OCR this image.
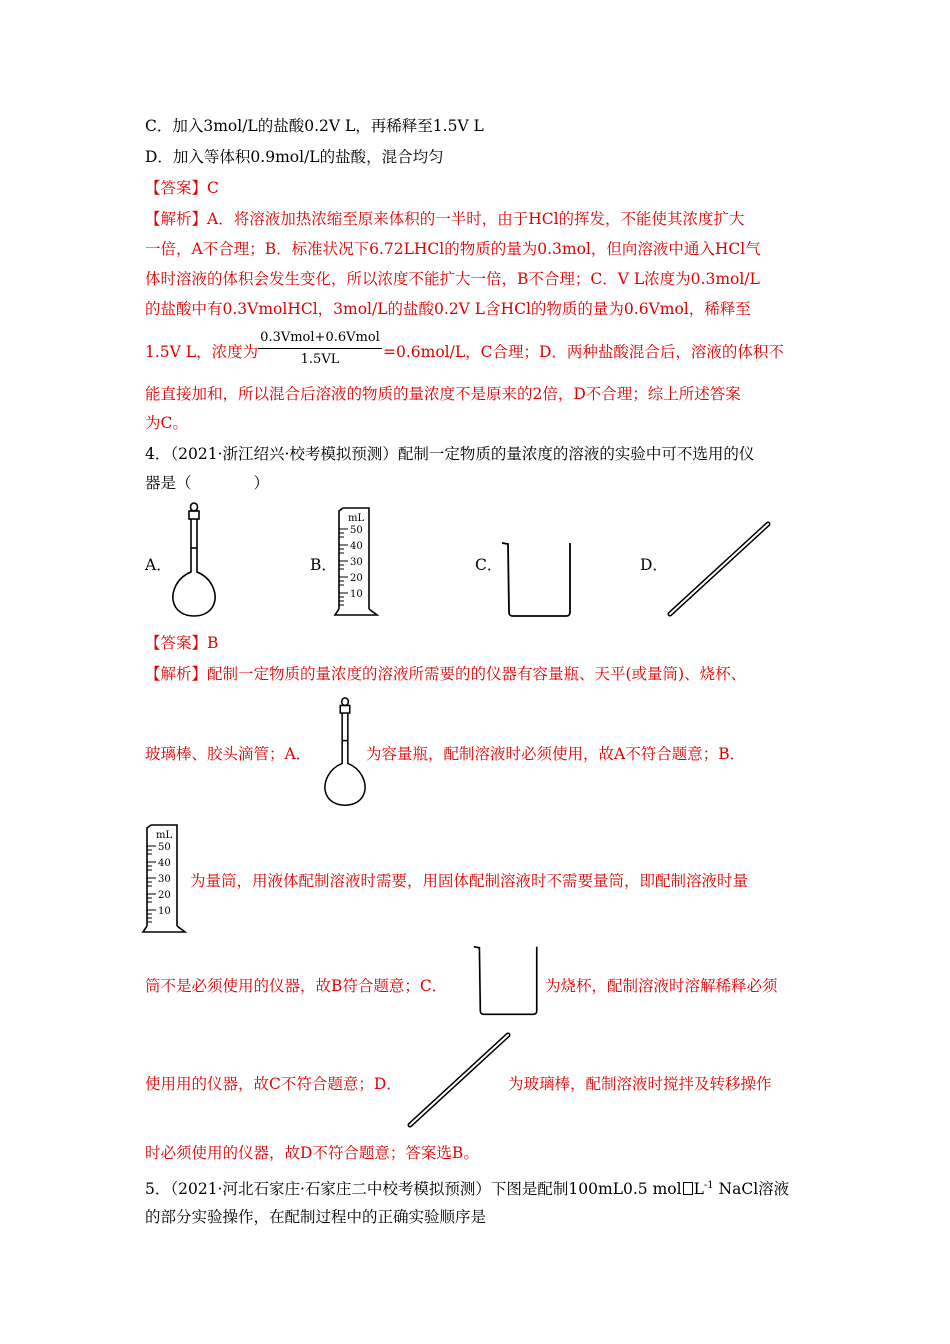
C．加入3mol/L的盐酸0.2V L，再稀释至1.5V L
D．加入等体积0.9mol/L的盐酸，混合均匀
【答案】C
【解析】A．将溶液加热浓缩至原来体积的一半时，由于HCl的挥发，不能使其浓度扩大
一倍，A不合理；B．标准状况下6.72LHCl的物质的量为0.3mol，但向溶液中通入HCl气
体时溶液的体积会发生变化，所以浓度不能扩大一倍，B不合理；C．V L浓度为0.3mol/L
的盐酸中有0.3VmolHCl，3mol/L的盐酸0.2V L含HCl的物质的量为0.6Vmol，稀释至
1.5V L，浓度为
0.3Vmol+0.6Vmol
1.5VL	=0.6mol/L，C合理；D．两种盐酸混合后，溶液的体积不
能直接加和，所以混合后溶液的物质的量浓度不是原来的2倍，D不合理；综上所述答案
为C。
4．（2021·浙江绍兴·校考模拟预测）配制一定物质的量浓度的溶液的实验中可不选用的仪
器是（　　　　）
A．	B．	C．	D．
mL
50
40
30
20
10
【答案】B
【解析】配制一定物质的量浓度的溶液所需要的的仪器有容量瓶、天平(或量筒)、烧杯、
玻璃棒、胶头滴管；A．	为容量瓶，配制溶液时必须使用，故A不符合题意；B．
mL
50
40
30
20
10
为量筒，用液体配制溶液时需要，用固体配制溶液时不需要量筒，即配制溶液时量
筒不是必须使用的仪器，故B符合题意；C．	为烧杯，配制溶液时溶解稀释必须
使用用的仪器，故C不符合题意；D．	为玻璃棒，配制溶液时搅拌及转移操作
时必须使用的仪器，故D不符合题意；答案选B。
5．（2021·河北石家庄·石家庄二中校考模拟预测）下图是配制100mL0.5 mol $L^{-1}$ NaCl溶液
的部分实验操作，在配制过程中的正确实验顺序是
